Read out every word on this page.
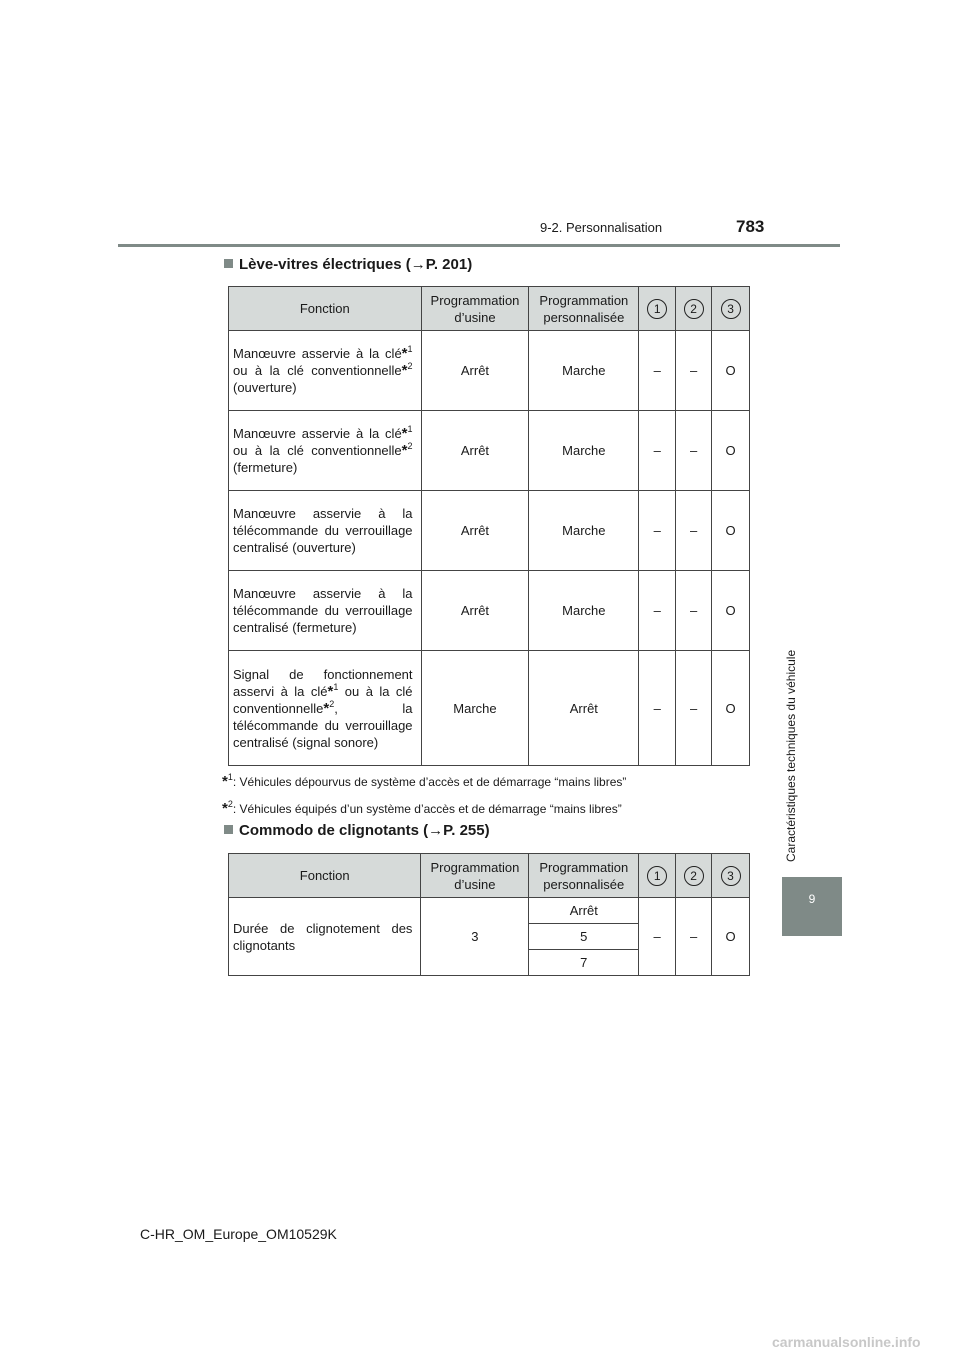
9-2. Personnalisation	783
Caractéristiques techniques du véhicule
9
Lève-vitres électriques (→P. 201)
Fonction	Programmation d’usine	Programmation personnalisée	1	2	3
Manœuvre asservie à la clé*$^1$ ou à la clé conventionnelle*$^2$ (ouverture)	Arrêt	Marche	–	–	O
Manœuvre asservie à la clé*$^1$ ou à la clé conventionnelle*$^2$ (fermeture)	Arrêt	Marche	–	–	O
Manœuvre asservie à la télécommande du verrouillage centralisé (ouverture)	Arrêt	Marche	–	–	O
Manœuvre asservie à la télécommande du verrouillage centralisé (fermeture)	Arrêt	Marche	–	–	O
Signal de fonctionnement asservi à la clé*$^1$ ou à la clé conventionnelle*$^2$, la télécommande du verrouillage centralisé (signal sonore)	Marche	Arrêt	–	–	O
*$^1$: Véhicules dépourvus de système d’accès et de démarrage “mains libres”
*$^2$: Véhicules équipés d’un système d’accès et de démarrage “mains libres”
Commodo de clignotants (→P. 255)
Fonction	Programmation d’usine	Programmation personnalisée	1	2	3
Durée de clignotement des clignotants	3	Arrêt	–	–	O
		5			
		7			
C-HR_OM_Europe_OM10529K
carmanualsonline.info
